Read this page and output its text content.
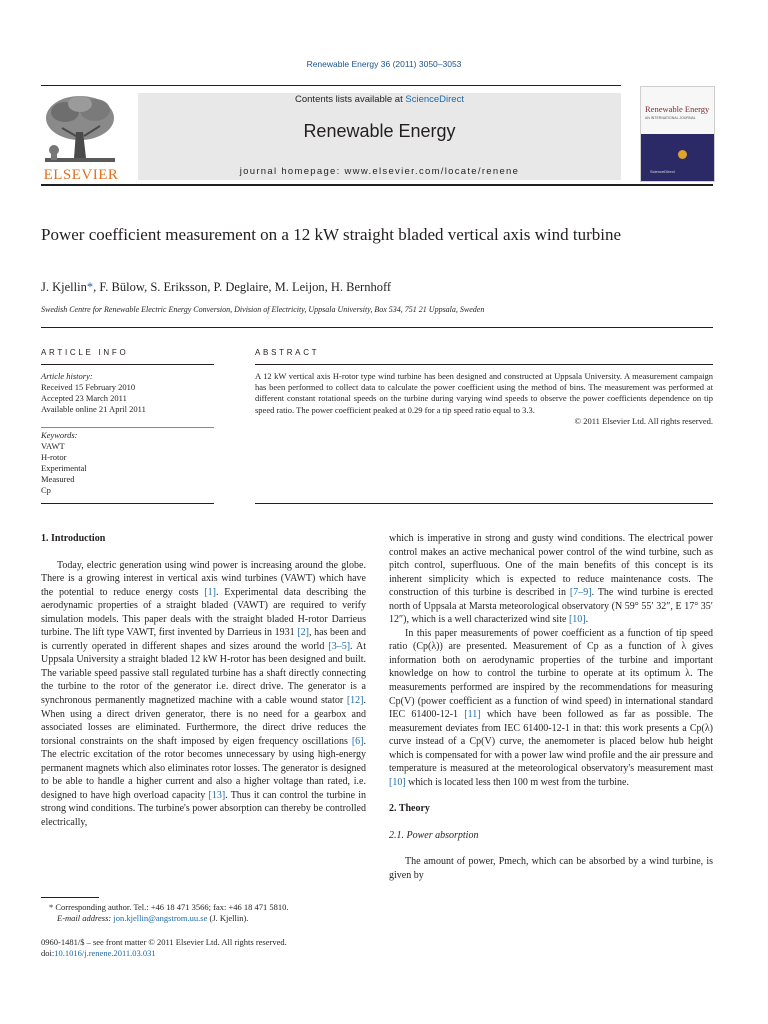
Renewable Energy 36 (2011) 3050–3053
ELSEVIER
Contents lists available at ScienceDirect
Renewable Energy
journal homepage: www.elsevier.com/locate/renene
Renewable Energy
AN INTERNATIONAL JOURNAL
ScienceDirect
Power coefficient measurement on a 12 kW straight bladed vertical axis wind turbine
J. Kjellin*, F. Bülow, S. Eriksson, P. Deglaire, M. Leijon, H. Bernhoff
Swedish Centre for Renewable Electric Energy Conversion, Division of Electricity, Uppsala University, Box 534, 751 21 Uppsala, Sweden
ARTICLE INFO
Article history:
Received 15 February 2010
Accepted 23 March 2011
Available online 21 April 2011
Keywords:
VAWT
H-rotor
Experimental
Measured
Cp
ABSTRACT
A 12 kW vertical axis H-rotor type wind turbine has been designed and constructed at Uppsala University. A measurement campaign has been performed to collect data to calculate the power coefficient using the method of bins. The measurement was performed at different constant rotational speeds on the turbine during varying wind speeds to observe the power coefficients dependence on tip speed ratio. The power coefficient peaked at 0.29 for a tip speed ratio equal to 3.3.
© 2011 Elsevier Ltd. All rights reserved.
1. Introduction

Today, electric generation using wind power is increasing around the globe. There is a growing interest in vertical axis wind turbines (VAWT) which have the potential to reduce energy costs [1]. Experimental data describing the aerodynamic properties of a straight bladed (VAWT) are required to verify simulation models. This paper deals with the straight bladed H-rotor Darrieus turbine. The lift type VAWT, first invented by Darrieus in 1931 [2], has been and is currently operated in different shapes and sizes around the world [3–5]. At Uppsala University a straight bladed 12 kW H-rotor has been designed and built. The variable speed passive stall regulated turbine has a shaft directly connecting the turbine to the rotor of the generator i.e. direct drive. The generator is a synchronous permanently magnetized machine with a cable wound stator [12]. When using a direct driven generator, there is no need for a gearbox and associated losses are eliminated. Furthermore, the direct drive reduces the torsional constraints on the shaft imposed by eigen frequency oscillations [6]. The electric excitation of the rotor becomes unnecessary by using high-energy permanent magnets which also eliminates rotor losses. The generator is designed to be able to handle a higher current and also a higher voltage than rated, i.e. designed to have high overload capacity [13]. Thus it can control the turbine in strong wind conditions. The turbine's power absorption can thereby be controlled electrically,

which is imperative in strong and gusty wind conditions. The electrical power control makes an active mechanical power control of the wind turbine, such as pitch control, superfluous. One of the main benefits of this concept is its inherent simplicity which is expected to reduce maintenance costs. The construction of this turbine is described in [7–9]. The wind turbine is erected north of Uppsala at Marsta meteorological observatory (N 59° 55′ 32″, E 17° 35′ 12″), which is a well characterized wind site [10].

In this paper measurements of power coefficient as a function of tip speed ratio (Cp(λ)) are presented. Measurement of Cp as a function of λ gives information both on aerodynamic properties of the turbine and important knowledge on how to control the turbine to operate at its optimum λ. The measurements performed are inspired by the recommendations for measuring Cp(V) (power coefficient as a function of wind speed) in international standard IEC 61400-12-1 [11] which have been followed as far as possible. The measurement deviates from IEC 61400-12-1 in that: this work presents a Cp(λ) curve instead of a Cp(V) curve, the anemometer is placed below hub height which is compensated for with a power law wind profile and the air pressure and temperature is measured at the meteorological observatory's measurement mast [10] which is located less then 100 m west from the turbine.

2. Theory
2.1. Power absorption

The amount of power, Pmech, which can be absorbed by a wind turbine, is given by

* Corresponding author. Tel.: +46 18 471 3566; fax: +46 18 471 5810.
E-mail address: jon.kjellin@angstrom.uu.se (J. Kjellin).
0960-1481/$ – see front matter © 2011 Elsevier Ltd. All rights reserved.
doi:10.1016/j.renene.2011.03.031
